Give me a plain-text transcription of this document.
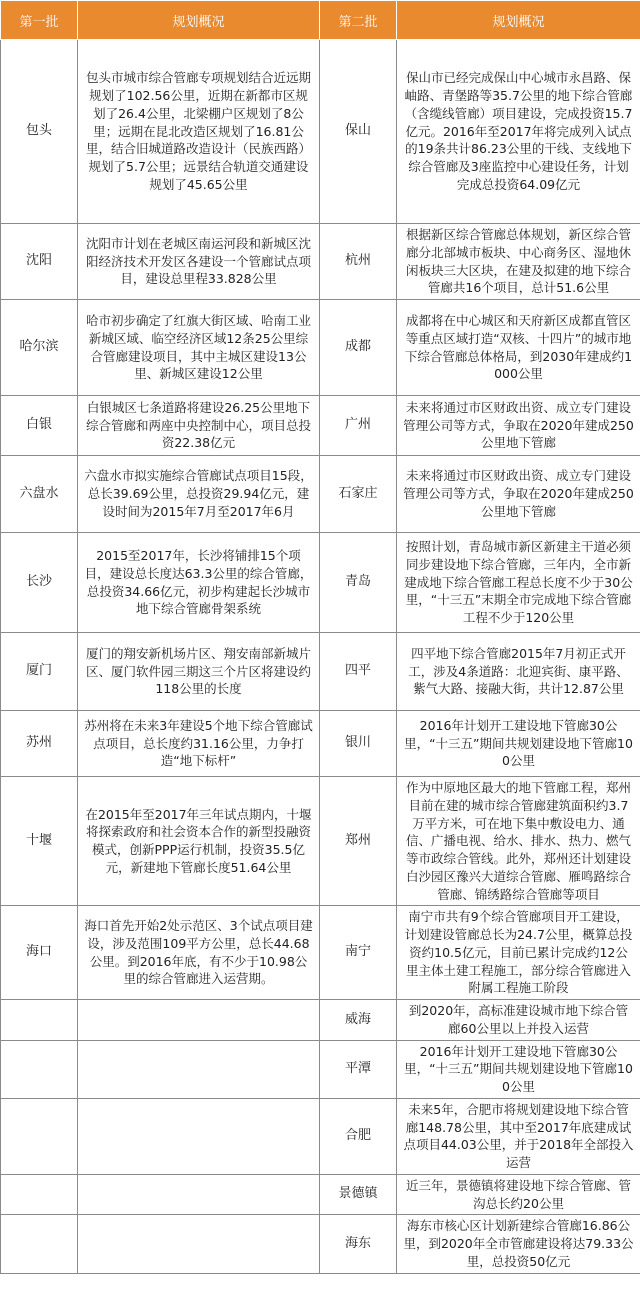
第一批	规划概况	第二批	规划概况
包头	包头市城市综合管廊专项规划结合近远期规划了102.56公里，近期在新都市区规划了26.4公里，北梁棚户区规划了8公里；远期在昆北改造区规划了16.81公里，结合旧城道路改造设计（民族西路）规划了5.7公里；远景结合轨道交通建设规划了45.65公里	保山	保山市已经完成保山中心城市永昌路、保岫路、青堡路等35.7公里的地下综合管廊（含缆线管廊）项目建设，完成投资15.7亿元。2016年至2017年将完成列入试点的19条共计86.23公里的干线、支线地下综合管廊及3座监控中心建设任务，计划完成总投资64.09亿元
沈阳	沈阳市计划在老城区南运河段和新城区沈阳经济技术开发区各建设一个管廊试点项目，建设总里程33.828公里	杭州	根据新区综合管廊总体规划，新区综合管廊分北部城市板块、中心商务区、湿地休闲板块三大区块，在建及拟建的地下综合管廊共16个项目，总计51.6公里
哈尔滨	哈市初步确定了红旗大街区域、哈南工业新城区域、临空经济区域12条25公里综合管廊建设项目，其中主城区建设13公里、新城区建设12公里	成都	成都将在中心城区和天府新区成都直管区等重点区域打造“双核、十四片”的城市地下综合管廊总体格局，到2030年建成约1000公里
白银	白银城区七条道路将建设26.25公里地下综合管廊和两座中央控制中心，项目总投资22.38亿元	广州	未来将通过市区财政出资、成立专门建设管理公司等方式，争取在2020年建成250公里地下管廊
六盘水	六盘水市拟实施综合管廊试点项目15段，总长39.69公里，总投资29.94亿元，建设时间为2015年7月至2017年6月	石家庄	未来将通过市区财政出资、成立专门建设管理公司等方式，争取在2020年建成250公里地下管廊
长沙	2015至2017年，长沙将铺排15个项目，建设总长度达63.3公里的综合管廊，总投资34.66亿元，初步构建起长沙城市地下综合管廊骨架系统	青岛	按照计划，青岛城市新区新建主干道必须同步建设地下综合管廊，三年内，全市新建成地下综合管廊工程总长度不少于30公里，“十三五”末期全市完成地下综合管廊工程不少于120公里
厦门	厦门的翔安新机场片区、翔安南部新城片区、厦门软件园三期这三个片区将建设约118公里的长度	四平	四平地下综合管廊2015年7月初正式开工，涉及4条道路：北迎宾街、康平路、紫气大路、接融大街，共计12.87公里
苏州	苏州将在未来3年建设5个地下综合管廊试点项目，总长度约31.16公里，力争打造“地下标杆”	银川	2016年计划开工建设地下管廊30公里，“十三五”期间共规划建设地下管廊100公里
十堰	在2015年至2017年三年试点期内，十堰将探索政府和社会资本合作的新型投融资模式，创新PPP运行机制，投资35.5亿元，新建地下管廊长度51.64公里	郑州	作为中原地区最大的地下管廊工程，郑州目前在建的城市综合管廊建筑面积约3.7万平方米，可在地下集中敷设电力、通信、广播电视、给水、排水、热力、燃气等市政综合管线。此外，郑州还计划建设白沙园区豫兴大道综合管廊、雁鸣路综合管廊、锦绣路综合管廊等项目
海口	海口首先开始2处示范区、3个试点项目建设，涉及范围109平方公里，总长44.68公里。到2016年底，有不少于10.98公里的综合管廊进入运营期。	南宁	南宁市共有9个综合管廊项目开工建设，计划建设管廊总长为24.7公里，概算总投资约10.5亿元，目前已累计完成约12公里主体土建工程施工，部分综合管廊进入附属工程施工阶段
		威海	到2020年，高标准建设城市地下综合管廊60公里以上并投入运营
		平潭	2016年计划开工建设地下管廊30公里，“十三五”期间共规划建设地下管廊100公里
		合肥	未来5年，合肥市将规划建设地下综合管廊148.78公里，其中至2017年底建成试点项目44.03公里，并于2018年全部投入运营
		景德镇	近三年，景德镇将建设地下综合管廊、管沟总长约20公里
		海东	海东市核心区计划新建综合管廊16.86公里，到2020年全市管廊建设将达79.33公里，总投资50亿元
